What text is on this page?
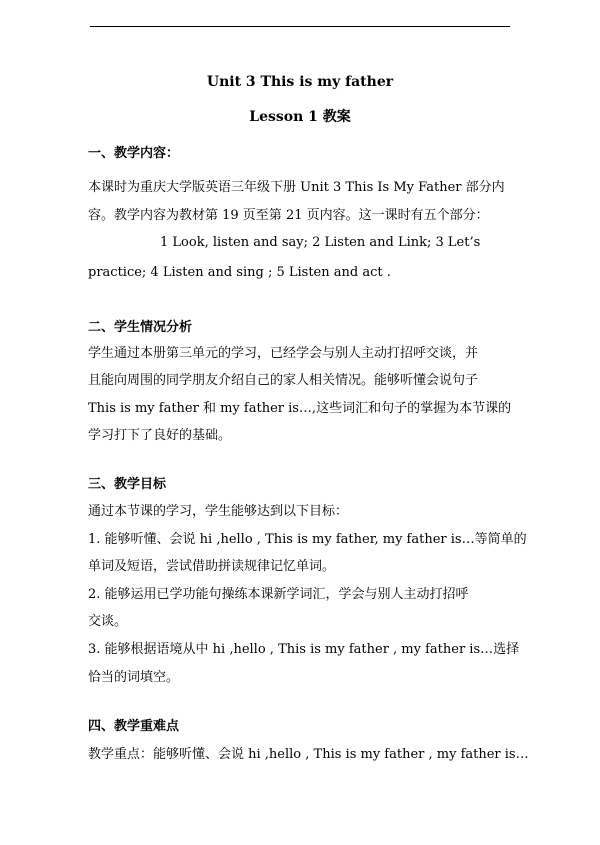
Unit 3 This is my father
Lesson 1 教案
一、教学内容：
本课时为重庆大学版英语三年级下册 Unit 3 This Is My Father 部分内
容。教学内容为教材第 19 页至第 21 页内容。这一课时有五个部分：
1 Look, listen and say; 2 Listen and Link; 3 Let’s
practice; 4 Listen and sing ; 5 Listen and act .
二、学生情况分析
学生通过本册第三单元的学习，已经学会与别人主动打招呼交谈，并
且能向周围的同学朋友介绍自己的家人相关情况。能够听懂会说句子
This is my father 和 my father is…,这些词汇和句子的掌握为本节课的
学习打下了良好的基础。
三、教学目标
通过本节课的学习，学生能够达到以下目标：
1. 能够听懂、会说 hi ,hello , This is my father, my father is…等简单的
单词及短语，尝试借助拼读规律记忆单词。
2. 能够运用已学功能句操练本课新学词汇，学会与别人主动打招呼
交谈。
3. 能够根据语境从中 hi ,hello , This is my father , my father is…选择
恰当的词填空。
四、教学重难点
教学重点：能够听懂、会说 hi ,hello , This is my father , my father is…
